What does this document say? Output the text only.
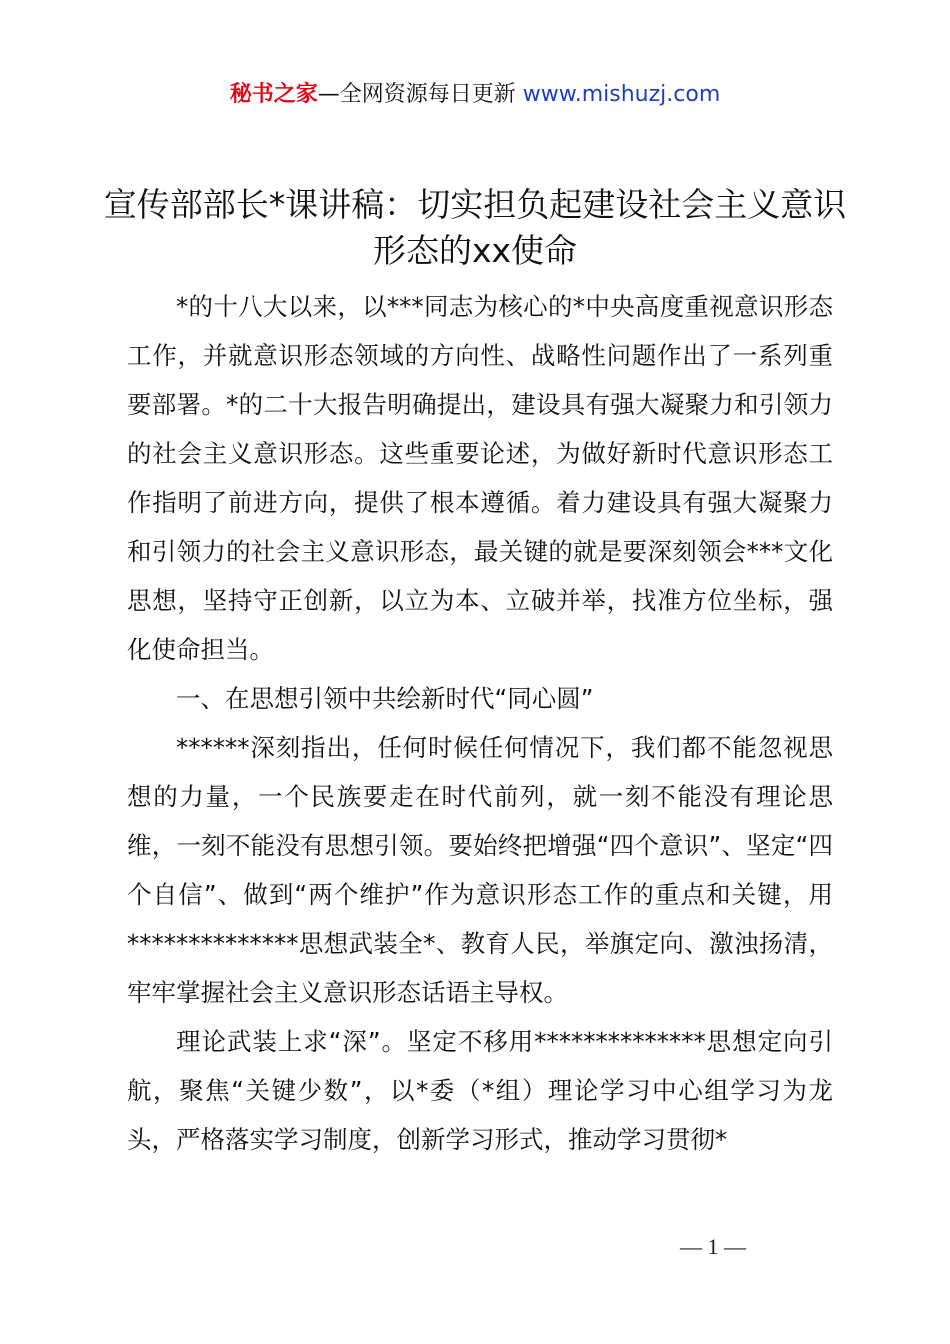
秘书之家—全网资源每日更新 www.mishuzj.com
宣传部部长*课讲稿：切实担负起建设社会主义意识形态的xx使命

*的十八大以来，以***同志为核心的*中央高度重视意识形态工作，并就意识形态领域的方向性、战略性问题作出了一系列重要部署。*的二十大报告明确提出，建设具有强大凝聚力和引领力的社会主义意识形态。这些重要论述，为做好新时代意识形态工作指明了前进方向，提供了根本遵循。着力建设具有强大凝聚力和引领力的社会主义意识形态，最关键的就是要深刻领会***文化思想，坚持守正创新，以立为本、立破并举，找准方位坐标，强化使命担当。

一、在思想引领中共绘新时代“同心圆”

******深刻指出，任何时候任何情况下，我们都不能忽视思想的力量，一个民族要走在时代前列，就一刻不能没有理论思维，一刻不能没有思想引领。要始终把增强“四个意识”、坚定“四个自信”、做到“两个维护”作为意识形态工作的重点和关键，用**************思想武装全*、教育人民，举旗定向、激浊扬清，牢牢掌握社会主义意识形态话语主导权。

理论武装上求“深”。坚定不移用**************思想定向引航，聚焦“关键少数”，以*委（*组）理论学习中心组学习为龙头，严格落实学习制度，创新学习形式，推动学习贯彻*

— 1 —
